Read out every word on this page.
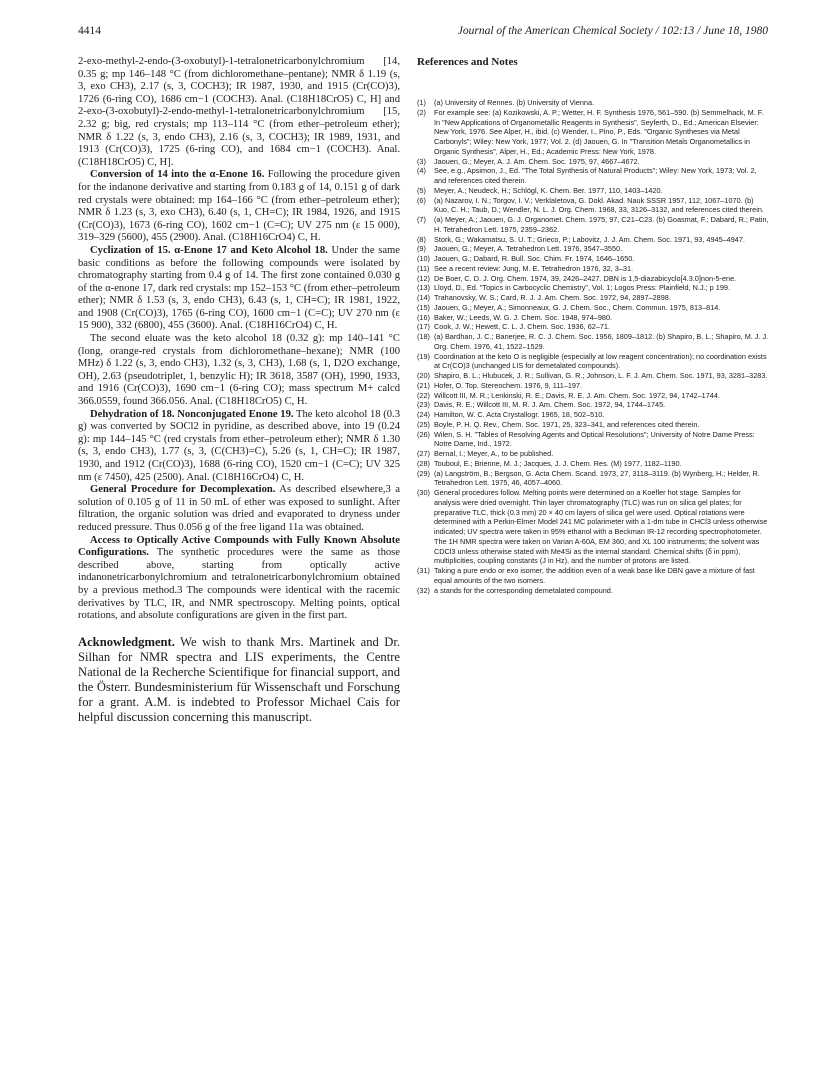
4414	Journal of the American Chemical Society / 102:13 / June 18, 1980

2-exo-methyl-2-endo-(3-oxobutyl)-1-tetralonetricarbonylchromium [14, 0.35 g; mp 146–148 °C (from dichloromethane–pentane); NMR δ 1.19 (s, 3, exo CH3), 2.17 (s, 3, COCH3); IR 1987, 1930, and 1915 (Cr(CO)3), 1726 (6-ring CO), 1686 cm−1 (COCH3). Anal. (C18H18CrO5) C, H] and 2-exo-(3-oxobutyl)-2-endo-methyl-1-tetralonetricarbonylchromium [15, 2.32 g; big, red crystals; mp 113–114 °C (from ether–petroleum ether); NMR δ 1.22 (s, 3, endo CH3), 2.16 (s, 3, COCH3); IR 1989, 1931, and 1913 (Cr(CO)3), 1725 (6-ring CO), and 1684 cm−1 (COCH3). Anal. (C18H18CrO5) C, H].

Conversion of 14 into the α-Enone 16. Following the procedure given for the indanone derivative and starting from 0.183 g of 14, 0.151 g of dark red crystals were obtained: mp 164–166 °C (from ether–petroleum ether); NMR δ 1.23 (s, 3, exo CH3), 6.40 (s, 1, CH=C); IR 1984, 1926, and 1915 (Cr(CO)3), 1673 (6-ring CO), 1602 cm−1 (C=C); UV 275 nm (ε 15 000), 319–329 (5600), 455 (2900). Anal. (C18H16CrO4) C, H.

Cyclization of 15. α-Enone 17 and Keto Alcohol 18. Under the same basic conditions as before the following compounds were isolated by chromatography starting from 0.4 g of 14. The first zone contained 0.030 g of the α-enone 17, dark red crystals: mp 152–153 °C (from ether–petroleum ether); NMR δ 1.53 (s, 3, endo CH3), 6.43 (s, 1, CH=C); IR 1981, 1922, and 1908 (Cr(CO)3), 1765 (6-ring CO), 1600 cm−1 (C=C); UV 270 nm (ε 15 900), 332 (6800), 455 (3600). Anal. (C18H16CrO4) C, H.

The second eluate was the keto alcohol 18 (0.32 g): mp 140–141 °C (long, orange-red crystals from dichloromethane–hexane); NMR (100 MHz) δ 1.22 (s, 3, endo CH3), 1.32 (s, 3, CH3), 1.68 (s, 1, D2O exchange, OH), 2.63 (pseudotriplet, 1, benzylic H); IR 3618, 3587 (OH), 1990, 1933, and 1916 (Cr(CO)3), 1690 cm−1 (6-ring CO); mass spectrum M+ calcd 366.0559, found 366.056. Anal. (C18H18CrO5) C, H.

Dehydration of 18. Nonconjugated Enone 19. The keto alcohol 18 (0.3 g) was converted by SOCl2 in pyridine, as described above, into 19 (0.24 g): mp 144–145 °C (red crystals from ether–petroleum ether); NMR δ 1.30 (s, 3, endo CH3), 1.77 (s, 3, (C(CH3)=C), 5.26 (s, 1, CH=C); IR 1987, 1930, and 1912 (Cr(CO)3), 1688 (6-ring CO), 1520 cm−1 (C=C); UV 325 nm (ε 7450), 425 (2500). Anal. (C18H16CrO4) C, H.

General Procedure for Decomplexation. As described elsewhere,3 a solution of 0.105 g of 11 in 50 mL of ether was exposed to sunlight. After filtration, the organic solution was dried and evaporated to dryness under reduced pressure. Thus 0.056 g of the free ligand 11a was obtained.

Access to Optically Active Compounds with Fully Known Absolute Configurations. The synthetic procedures were the same as those described above, starting from optically active indanonetricarbonylchromium and tetralonetricarbonylchromium obtained by a previous method.3 The compounds were identical with the racemic derivatives by TLC, IR, and NMR spectroscopy. Melting points, optical rotations, and absolute configurations are given in the first part.

Acknowledgment. We wish to thank Mrs. Martinek and Dr. Silhan for NMR spectra and LIS experiments, the Centre National de la Recherche Scientifique for financial support, and the Österr. Bundesministerium für Wissenschaft und Forschung for a grant. A.M. is indebted to Professor Michael Cais for helpful discussion concerning this manuscript.

References and Notes

(1) (a) University of Rennes. (b) University of Vienna.

(2) For example see: (a) Kozikowski, A. P.; Wetter, H. F. Synthesis 1976, 561–590. (b) Semmelhack, M. F. In "New Applications of Organometallic Reagents in Synthesis", Seyferth, D., Ed.; American Elsevier: New York, 1976. See Alper, H., ibid. (c) Wender, I., Pino, P., Eds. "Organic Syntheses via Metal Carbonyls"; Wiley: New York, 1977; Vol. 2. (d) Jaouen, G. In "Transition Metals Organometallics in Organic Synthesis", Alper, H., Ed.; Academic Press: New York, 1978.

(3) Jaouen, G.; Meyer, A. J. Am. Chem. Soc. 1975, 97, 4667–4672.

(4) See, e.g., Apsimon, J., Ed. "The Total Synthesis of Natural Products"; Wiley: New York, 1973; Vol. 2, and references cited therein.

(5) Meyer, A.; Neudeck, H.; Schlögl, K. Chem. Ber. 1977, 110, 1403–1420.

(6) (a) Nazarov, I. N.; Torgov, I. V.; Verklaletova, G. Dokl. Akad. Nauk SSSR 1957, 112, 1067–1070. (b) Kuo, C. H.; Taub, D.; Wendler, N. L. J. Org. Chem. 1968, 33, 3126–3132, and references cited therein.

(7) (a) Meyer, A.; Jaouen, G. J. Organomet. Chem. 1975, 97, C21–C23. (b) Goasmat, F.; Dabard, R.; Patin, H. Tetrahedron Lett. 1975, 2359–2362.

(8) Stork, G.; Wakamatsu, S. U. T.; Grieco, P.; Labovitz, J. J. Am. Chem. Soc. 1971, 93, 4945–4947.

(9) Jaouen, G.; Meyer, A. Tetrahedron Lett. 1976, 3547–3550.

(10) Jaouen, G.; Dabard, R. Bull. Soc. Chim. Fr. 1974, 1646–1650.

(11) See a recent review: Jung, M. E. Tetrahedron 1976, 32, 3–31.

(12) De Boer, C. D. J. Org. Chem. 1974, 39, 2426–2427. DBN is 1,5-diazabicyclo[4.3.0]non-5-ene.

(13) Lloyd, D., Ed. "Topics in Carbocyclic Chemistry", Vol. 1; Logos Press: Plainfield, N.J.; p 199.

(14) Trahanovsky, W. S.; Card, R. J. J. Am. Chem. Soc. 1972, 94, 2897–2898.

(15) Jaouen, G.; Meyer, A.; Simonneaux, G. J. Chem. Soc., Chem. Commun. 1975, 813–814.

(16) Baker, W.; Leeds, W. G. J. Chem. Soc. 1948, 974–980.

(17) Cook, J. W.; Hewett, C. L. J. Chem. Soc. 1936, 62–71.

(18) (a) Bardhan, J. C.; Banerjee, R. C. J. Chem. Soc. 1956, 1809–1812. (b) Shapiro, B. L.; Shapiro, M. J. J. Org. Chem. 1976, 41, 1522–1529.

(19) Coordination at the keto O is negligible (especially at low reagent concentration); no coordination exists at Cr(CO)3 (unchanged LIS for demetalated compounds).

(20) Shapiro, B. L.; Hlubucek, J. R.; Sullivan, G. R.; Johnson, L. F. J. Am. Chem. Soc. 1971, 93, 3281–3283.

(21) Hofer, O. Top. Stereochem. 1976, 9, 111–197.

(22) Willcott III, M. R.; Lenkinski, R. E.; Davis, R. E. J. Am. Chem. Soc. 1972, 94, 1742–1744.

(23) Davis, R. E.; Willcott III, M. R. J. Am. Chem. Soc. 1972, 94, 1744–1745.

(24) Hamilton, W. C. Acta Crystallogr. 1965, 18, 502–510.

(25) Boyle, P. H. Q. Rev., Chem. Soc. 1971, 25, 323–341, and references cited therein.

(26) Wilen, S. H. "Tables of Resolving Agents and Optical Resolutions"; University of Notre Dame Press: Notre Dame, Ind., 1972.

(27) Bernal, I.; Meyer, A., to be published.

(28) Touboul, E.; Brienne, M. J.; Jacques, J. J. Chem. Res. (M) 1977, 1182–1190.

(29) (a) Langström, B.; Bergson, G. Acta Chem. Scand. 1973, 27, 3118–3119. (b) Wynberg, H.; Helder, R. Tetrahedron Lett. 1975, 46, 4057–4060.

(30) General procedures follow. Melting points were determined on a Koefler hot stage. Samples for analysis were dried overnight. Thin layer chromatography (TLC) was run on silica gel plates; for preparative TLC, thick (0.3 mm) 20 × 40 cm layers of silica gel were used. Optical rotations were determined with a Perkin-Elmer Model 241 MC polarimeter with a 1-dm tube in CHCl3 unless otherwise indicated; UV spectra were taken in 95% ethanol with a Beckman IR-12 recording spectrophotometer. The 1H NMR spectra were taken on Varian A-60A, EM 360, and XL 100 instruments; the solvent was CDCl3 unless otherwise stated with Me4Si as the internal standard. Chemical shifts (δ in ppm), multiplicities, coupling constants (J in Hz), and the number of protons are listed.

(31) Taking a pure endo or exo isomer, the addition even of a weak base like DBN gave a mixture of fast equal amounts of the two isomers.

(32) a stands for the corresponding demetalated compound.
